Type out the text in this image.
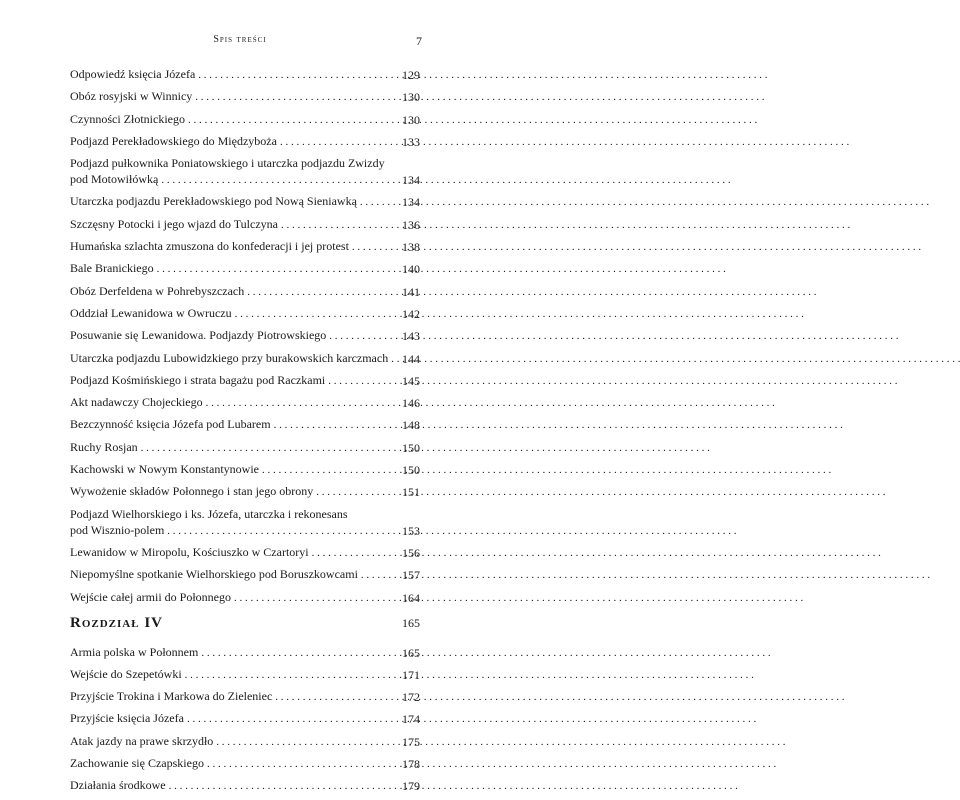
Spis treści	7
Odpowiedź księcia Józefa . . .	129
Obóz rosyjski w Winnicy . . .	130
Czynności Złotnickiego . . .	130
Podjazd Perekładowskiego do Międzyboża . . .	133
Podjazd pułkownika Poniatowskiego i utarczka podjazdu Zwizdy
pod Motowiłówką . . .	134
Utarczka podjazdu Perekładowskiego pod Nową Sieniawką . . .	134
Szczęsny Potocki i jego wjazd do Tulczyna . . .	136
Humańska szlachta zmuszona do konfederacji i jej protest . . .	138
Bale Branickiego . . .	140
Obóz Derfeldena w Pohrebyszczach . . .	141
Oddział Lewanidowa w Owruczu . . .	142
Posuwanie się Lewanidowa. Podjazdy Piotrowskiego . . .	143
Utarczka podjazdu Lubowidzkiego przy burakowskich karczmach 144
Podjazd Kośmińskiego i strata bagażu pod Raczkami . . .	145
Akt nadawczy Chojeckiego . . .	146
Bezczynność księcia Józefa pod Lubarem . . .	148
Ruchy Rosjan . . .	150
Kachowski w Nowym Konstantynowie . . .	150
Wywożenie składów Połonnego i stan jego obrony . . .	151
Podjazd Wielhorskiego i ks. Józefa, utarczka i rekonesans
pod Wisznio-polem . . .	153
Lewanidow w Miropolu, Kościuszko w Czartoryi . . .	156
Niepomyślne spotkanie Wielhorskiego pod Boruszkowcami . . .	157
Wejście całej armii do Połonnego . . .	164
Rozdział IV	165
Armia polska w Połonnem . . .	165
Wejście do Szepetówki . . .	171
Przyjście Trokina i Markowa do Zieleniec . . .	172
Przyjście księcia Józefa . . .	174
Atak jazdy na prawe skrzydło . . .	175
Zachowanie się Czapskiego . . .	178
Działania środkowe . . .	179
